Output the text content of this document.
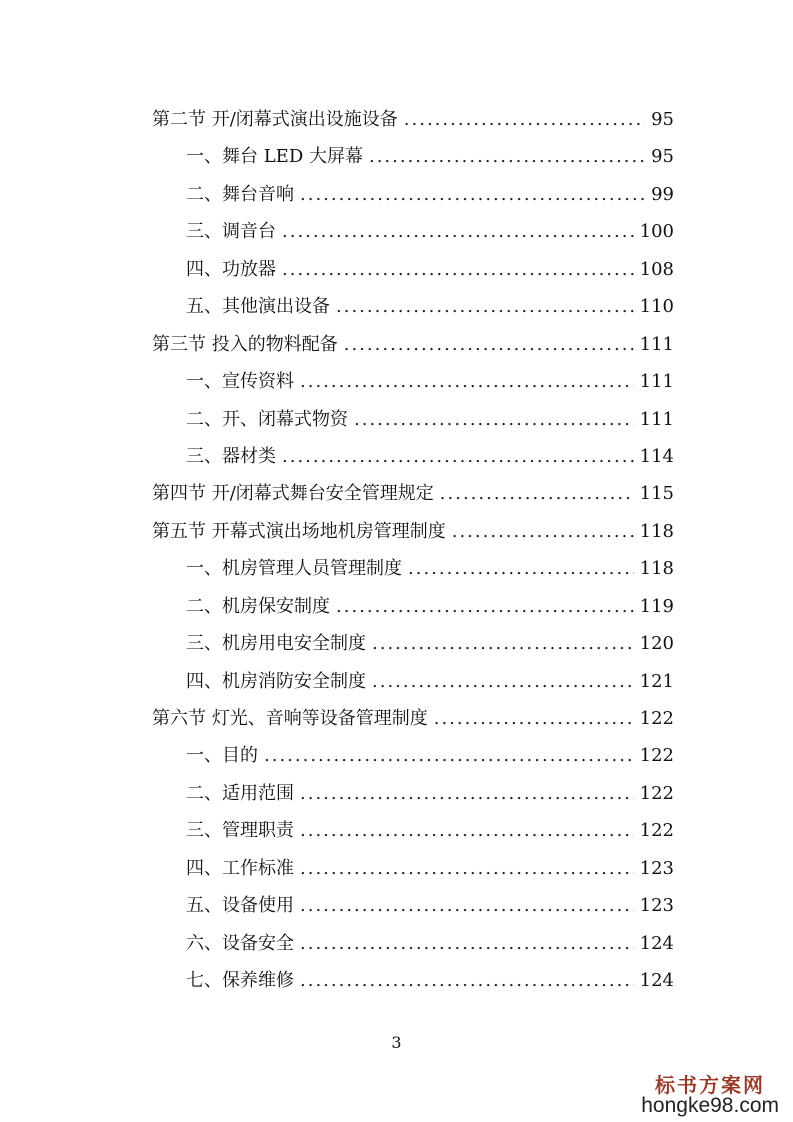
第二节 开/闭幕式演出设施设备 .....	95
一、舞台 LED 大屏幕 .....	95
二、舞台音响 .....	99
三、调音台 .....	100
四、功放器 .....	108
五、其他演出设备 .....	110
第三节 投入的物料配备 .....	111
一、宣传资料 .....	111
二、开、闭幕式物资 .....	111
三、器材类 .....	114
第四节 开/闭幕式舞台安全管理规定 .....	115
第五节 开幕式演出场地机房管理制度 .....	118
一、机房管理人员管理制度 .....	118
二、机房保安制度 .....	119
三、机房用电安全制度 .....	120
四、机房消防安全制度 .....	121
第六节 灯光、音响等设备管理制度 .....	122
一、目的 .....	122
二、适用范围 .....	122
三、管理职责 .....	122
四、工作标准 .....	123
五、设备使用 .....	123
六、设备安全 .....	124
七、保养维修 .....	124
3
标书方案网
hongke98.com
